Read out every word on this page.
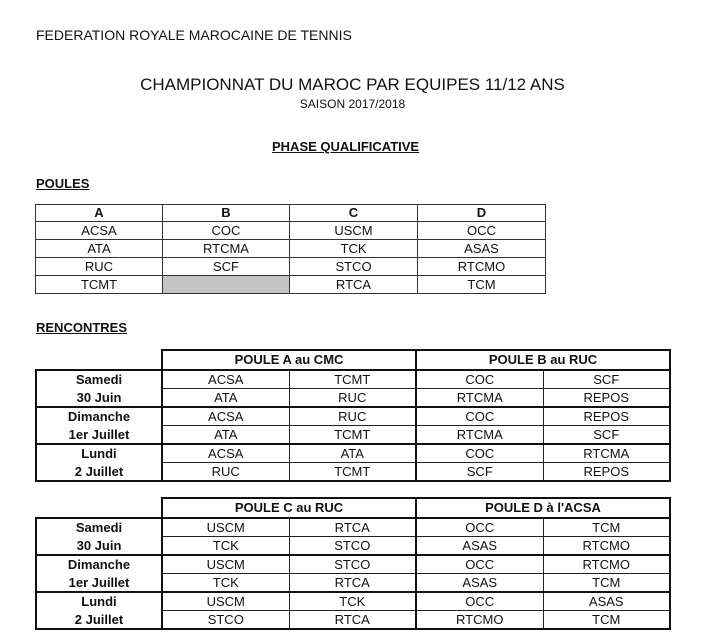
FEDERATION ROYALE MAROCAINE DE TENNIS
CHAMPIONNAT DU MAROC PAR EQUIPES 11/12 ANS
SAISON 2017/2018
PHASE QUALIFICATIVE
POULES
A	B	C	D
ACSA	COC	USCM	OCC
ATA	RTCMA	TCK	ASAS
RUC	SCF	STCO	RTCMO
TCMT		RTCA	TCM
RENCONTRES
	POULE A au CMC		POULE B au RUC	
Samedi	ACSA	TCMT	COC	SCF
30 Juin	ATA	RUC	RTCMA	REPOS
Dimanche	ACSA	RUC	COC	REPOS
1er Juillet	ATA	TCMT	RTCMA	SCF
Lundi	ACSA	ATA	COC	RTCMA
2 Juillet	RUC	TCMT	SCF	REPOS
	POULE C au RUC		POULE D à l'ACSA	
Samedi	USCM	RTCA	OCC	TCM
30 Juin	TCK	STCO	ASAS	RTCMO
Dimanche	USCM	STCO	OCC	RTCMO
1er Juillet	TCK	RTCA	ASAS	TCM
Lundi	USCM	TCK	OCC	ASAS
2 Juillet	STCO	RTCA	RTCMO	TCM
